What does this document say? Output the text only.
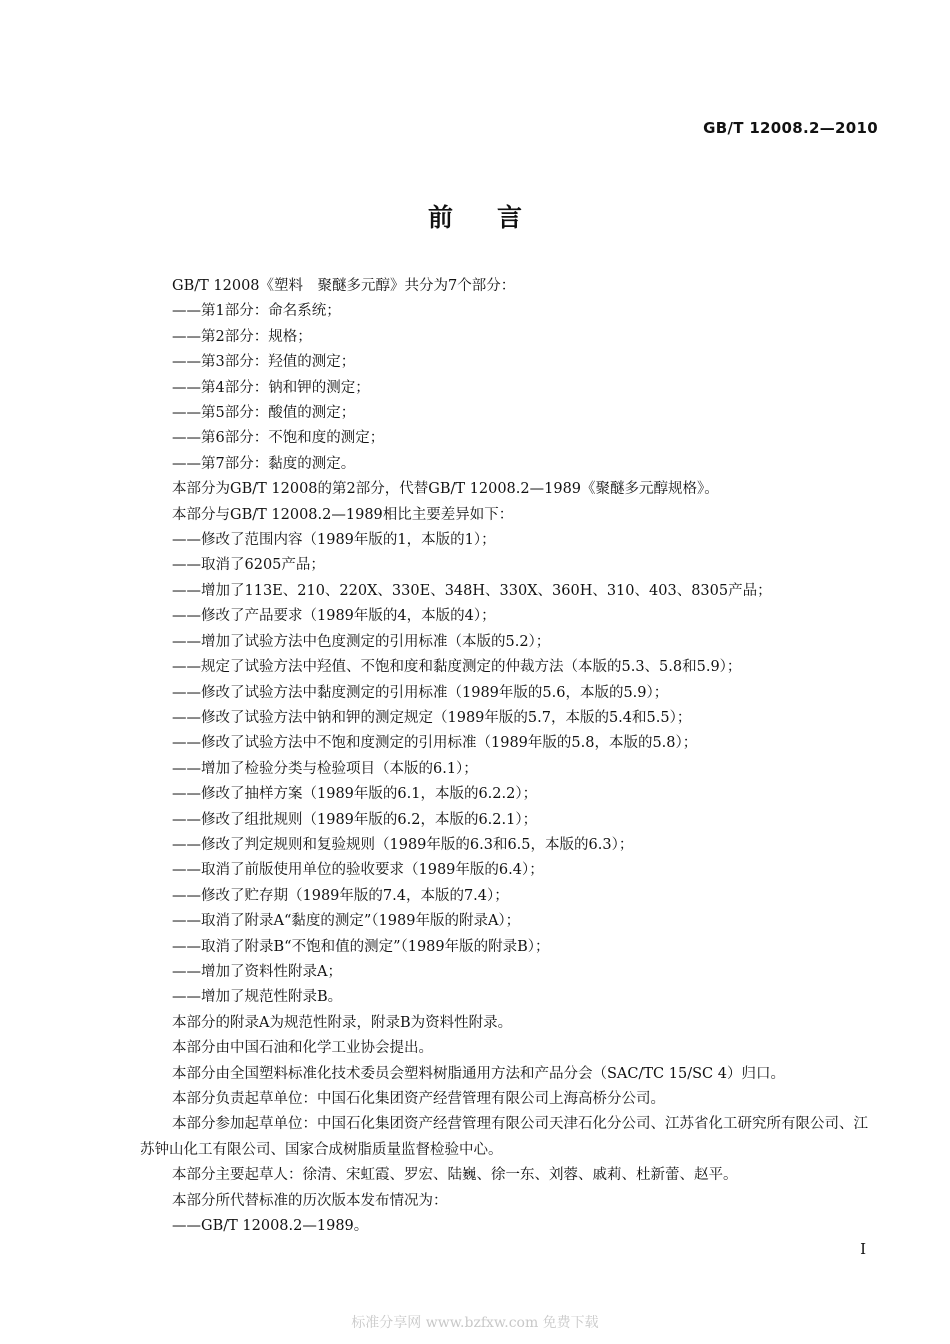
GB/T 12008.2—2010
前言
GB/T 12008《塑料　聚醚多元醇》共分为7个部分：
——第1部分：命名系统；
——第2部分：规格；
——第3部分：羟值的测定；
——第4部分：钠和钾的测定；
——第5部分：酸值的测定；
——第6部分：不饱和度的测定；
——第7部分：黏度的测定。
本部分为GB/T 12008的第2部分，代替GB/T 12008.2—1989《聚醚多元醇规格》。
本部分与GB/T 12008.2—1989相比主要差异如下：
——修改了范围内容（1989年版的1，本版的1）；
——取消了6205产品；
——增加了113E、210、220X、330E、348H、330X、360H、310、403、8305产品；
——修改了产品要求（1989年版的4，本版的4）；
——增加了试验方法中色度测定的引用标准（本版的5.2）；
——规定了试验方法中羟值、不饱和度和黏度测定的仲裁方法（本版的5.3、5.8和5.9）；
——修改了试验方法中黏度测定的引用标准（1989年版的5.6，本版的5.9）；
——修改了试验方法中钠和钾的测定规定（1989年版的5.7，本版的5.4和5.5）；
——修改了试验方法中不饱和度测定的引用标准（1989年版的5.8，本版的5.8）；
——增加了检验分类与检验项目（本版的6.1）；
——修改了抽样方案（1989年版的6.1，本版的6.2.2）；
——修改了组批规则（1989年版的6.2，本版的6.2.1）；
——修改了判定规则和复验规则（1989年版的6.3和6.5，本版的6.3）；
——取消了前版使用单位的验收要求（1989年版的6.4）；
——修改了贮存期（1989年版的7.4，本版的7.4）；
——取消了附录A“黏度的测定”（1989年版的附录A）；
——取消了附录B“不饱和值的测定”（1989年版的附录B）；
——增加了资料性附录A；
——增加了规范性附录B。
本部分的附录A为规范性附录，附录B为资料性附录。
本部分由中国石油和化学工业协会提出。
本部分由全国塑料标准化技术委员会塑料树脂通用方法和产品分会（SAC/TC 15/SC 4）归口。
本部分负责起草单位：中国石化集团资产经营管理有限公司上海高桥分公司。
本部分参加起草单位：中国石化集团资产经营管理有限公司天津石化分公司、江苏省化工研究所有限公司、江苏钟山化工有限公司、国家合成树脂质量监督检验中心。
本部分主要起草人：徐清、宋虹霞、罗宏、陆巍、徐一东、刘蓉、戚莉、杜新蕾、赵平。
本部分所代替标准的历次版本发布情况为：
——GB/T 12008.2—1989。
I
标准分享网 www.bzfxw.com 免费下载
